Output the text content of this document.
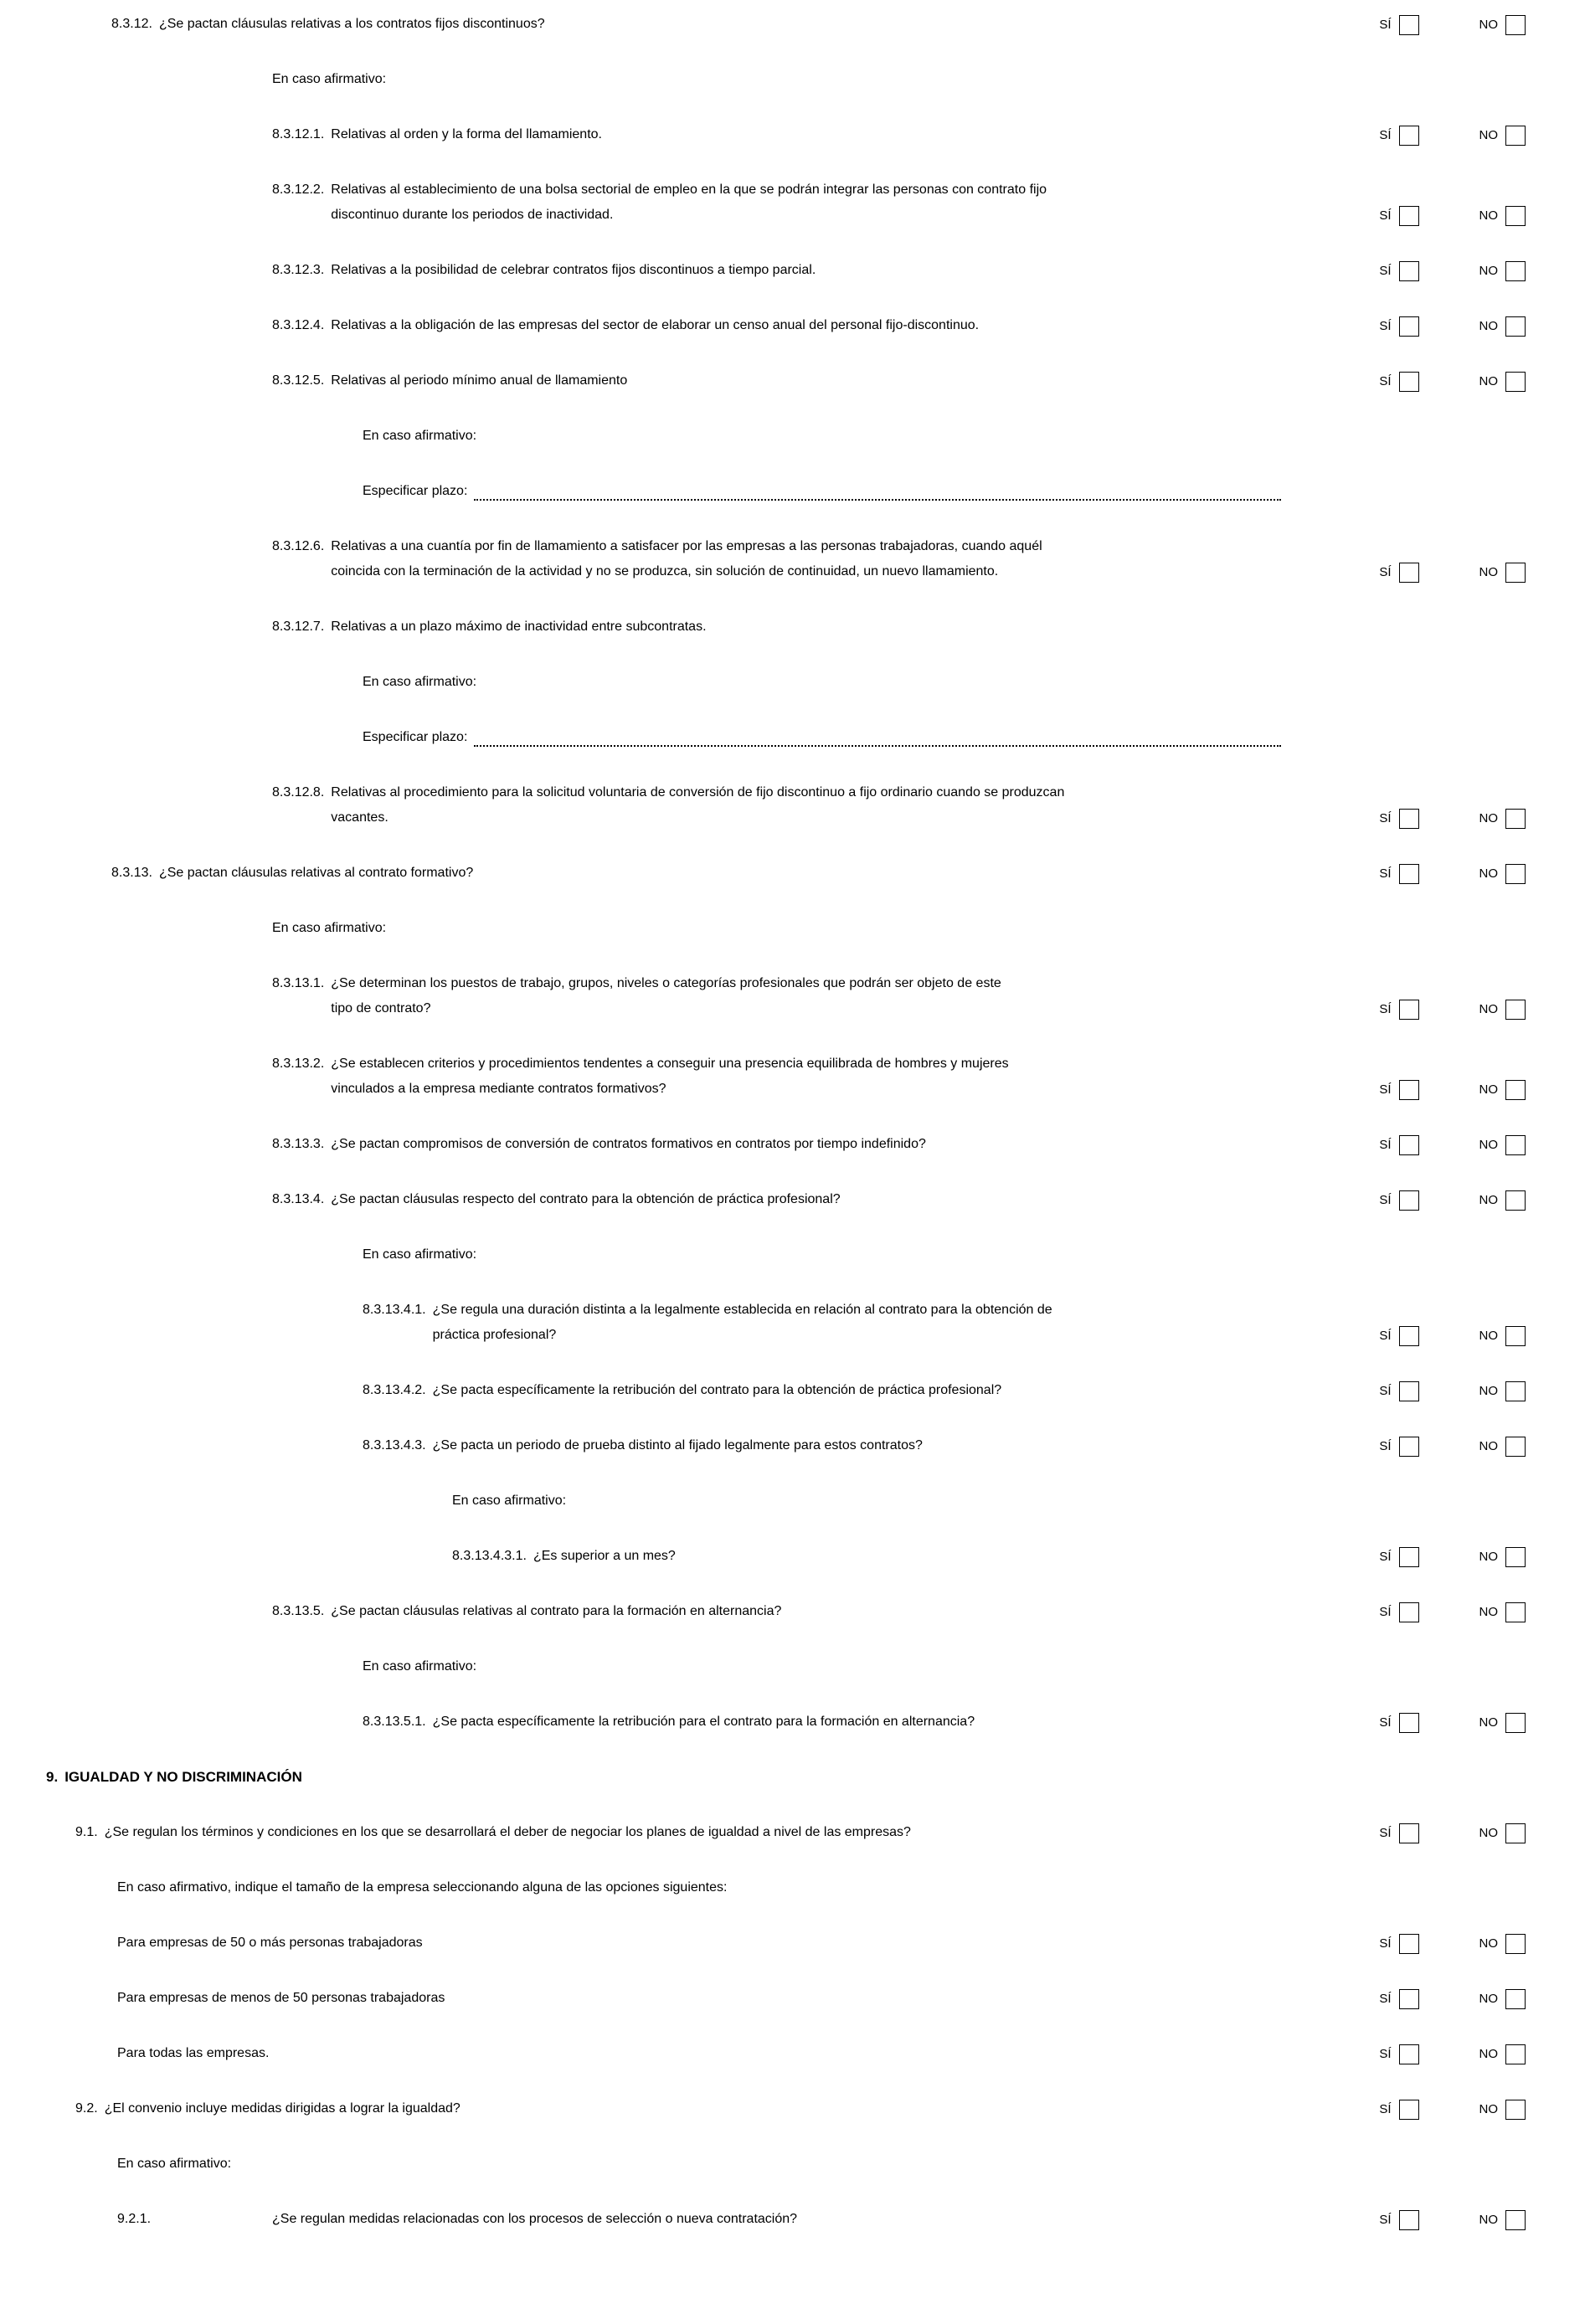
8.3.12. ¿Se pactan cláusulas relativas a los contratos fijos discontinuos?	SÍ	NO
En caso afirmativo:
8.3.12.1. Relativas al orden y la forma del llamamiento.	SÍ	NO
8.3.12.2. Relativas al establecimiento de una bolsa sectorial de empleo en la que se podrán integrar las personas con contrato fijo
discontinuo durante los periodos de inactividad.	SÍ	NO
8.3.12.3. Relativas a la posibilidad de celebrar contratos fijos discontinuos a tiempo parcial.	SÍ	NO
8.3.12.4. Relativas a la obligación de las empresas del sector de elaborar un censo anual del personal fijo-discontinuo.	SÍ	NO
8.3.12.5. Relativas al periodo mínimo anual de llamamiento	SÍ	NO
En caso afirmativo:
Especificar plazo:
8.3.12.6. Relativas a una cuantía por fin de llamamiento a satisfacer por las empresas a las personas trabajadoras, cuando aquél
coincida con la terminación de la actividad y no se produzca, sin solución de continuidad, un nuevo llamamiento.	SÍ	NO
8.3.12.7. Relativas a un plazo máximo de inactividad entre subcontratas.
En caso afirmativo:
Especificar plazo:
8.3.12.8. Relativas al procedimiento para la solicitud voluntaria de conversión de fijo discontinuo a fijo ordinario cuando se produzcan
vacantes.	SÍ	NO
8.3.13. ¿Se pactan cláusulas relativas al contrato formativo?	SÍ	NO
En caso afirmativo:
8.3.13.1. ¿Se determinan los puestos de trabajo, grupos, niveles o categorías profesionales que podrán ser objeto de este
tipo de contrato?	SÍ	NO
8.3.13.2. ¿Se establecen criterios y procedimientos tendentes a conseguir una presencia equilibrada de hombres y mujeres
vinculados a la empresa mediante contratos formativos?	SÍ	NO
8.3.13.3. ¿Se pactan compromisos de conversión de contratos formativos en contratos por tiempo indefinido?	SÍ	NO
8.3.13.4. ¿Se pactan cláusulas respecto del contrato para la obtención de práctica profesional?	SÍ	NO
En caso afirmativo:
8.3.13.4.1. ¿Se regula una duración distinta a la legalmente establecida en relación al contrato para la obtención de
práctica profesional?	SÍ	NO
8.3.13.4.2. ¿Se pacta específicamente la retribución del contrato para la obtención de práctica profesional?	SÍ	NO
8.3.13.4.3. ¿Se pacta un periodo de prueba distinto al fijado legalmente para estos contratos?	SÍ	NO
En caso afirmativo:
8.3.13.4.3.1. ¿Es superior a un mes?	SÍ	NO
8.3.13.5. ¿Se pactan cláusulas relativas al contrato para la formación en alternancia?	SÍ	NO
En caso afirmativo:
8.3.13.5.1. ¿Se pacta específicamente la retribución para el contrato para la formación en alternancia?	SÍ	NO
9. IGUALDAD Y NO DISCRIMINACIÓN
9.1. ¿Se regulan los términos y condiciones en los que se desarrollará el deber de negociar los planes de igualdad a nivel de las empresas?	SÍ	NO
En caso afirmativo, indique el tamaño de la empresa seleccionando alguna de las opciones siguientes:
Para empresas de 50 o más personas trabajadoras	SÍ	NO
Para empresas de menos de 50 personas trabajadoras	SÍ	NO
Para todas las empresas.	SÍ	NO
9.2. ¿El convenio incluye medidas dirigidas a lograr la igualdad?	SÍ	NO
En caso afirmativo:
9.2.1.	¿Se regulan medidas relacionadas con los procesos de selección o nueva contratación?	SÍ	NO
